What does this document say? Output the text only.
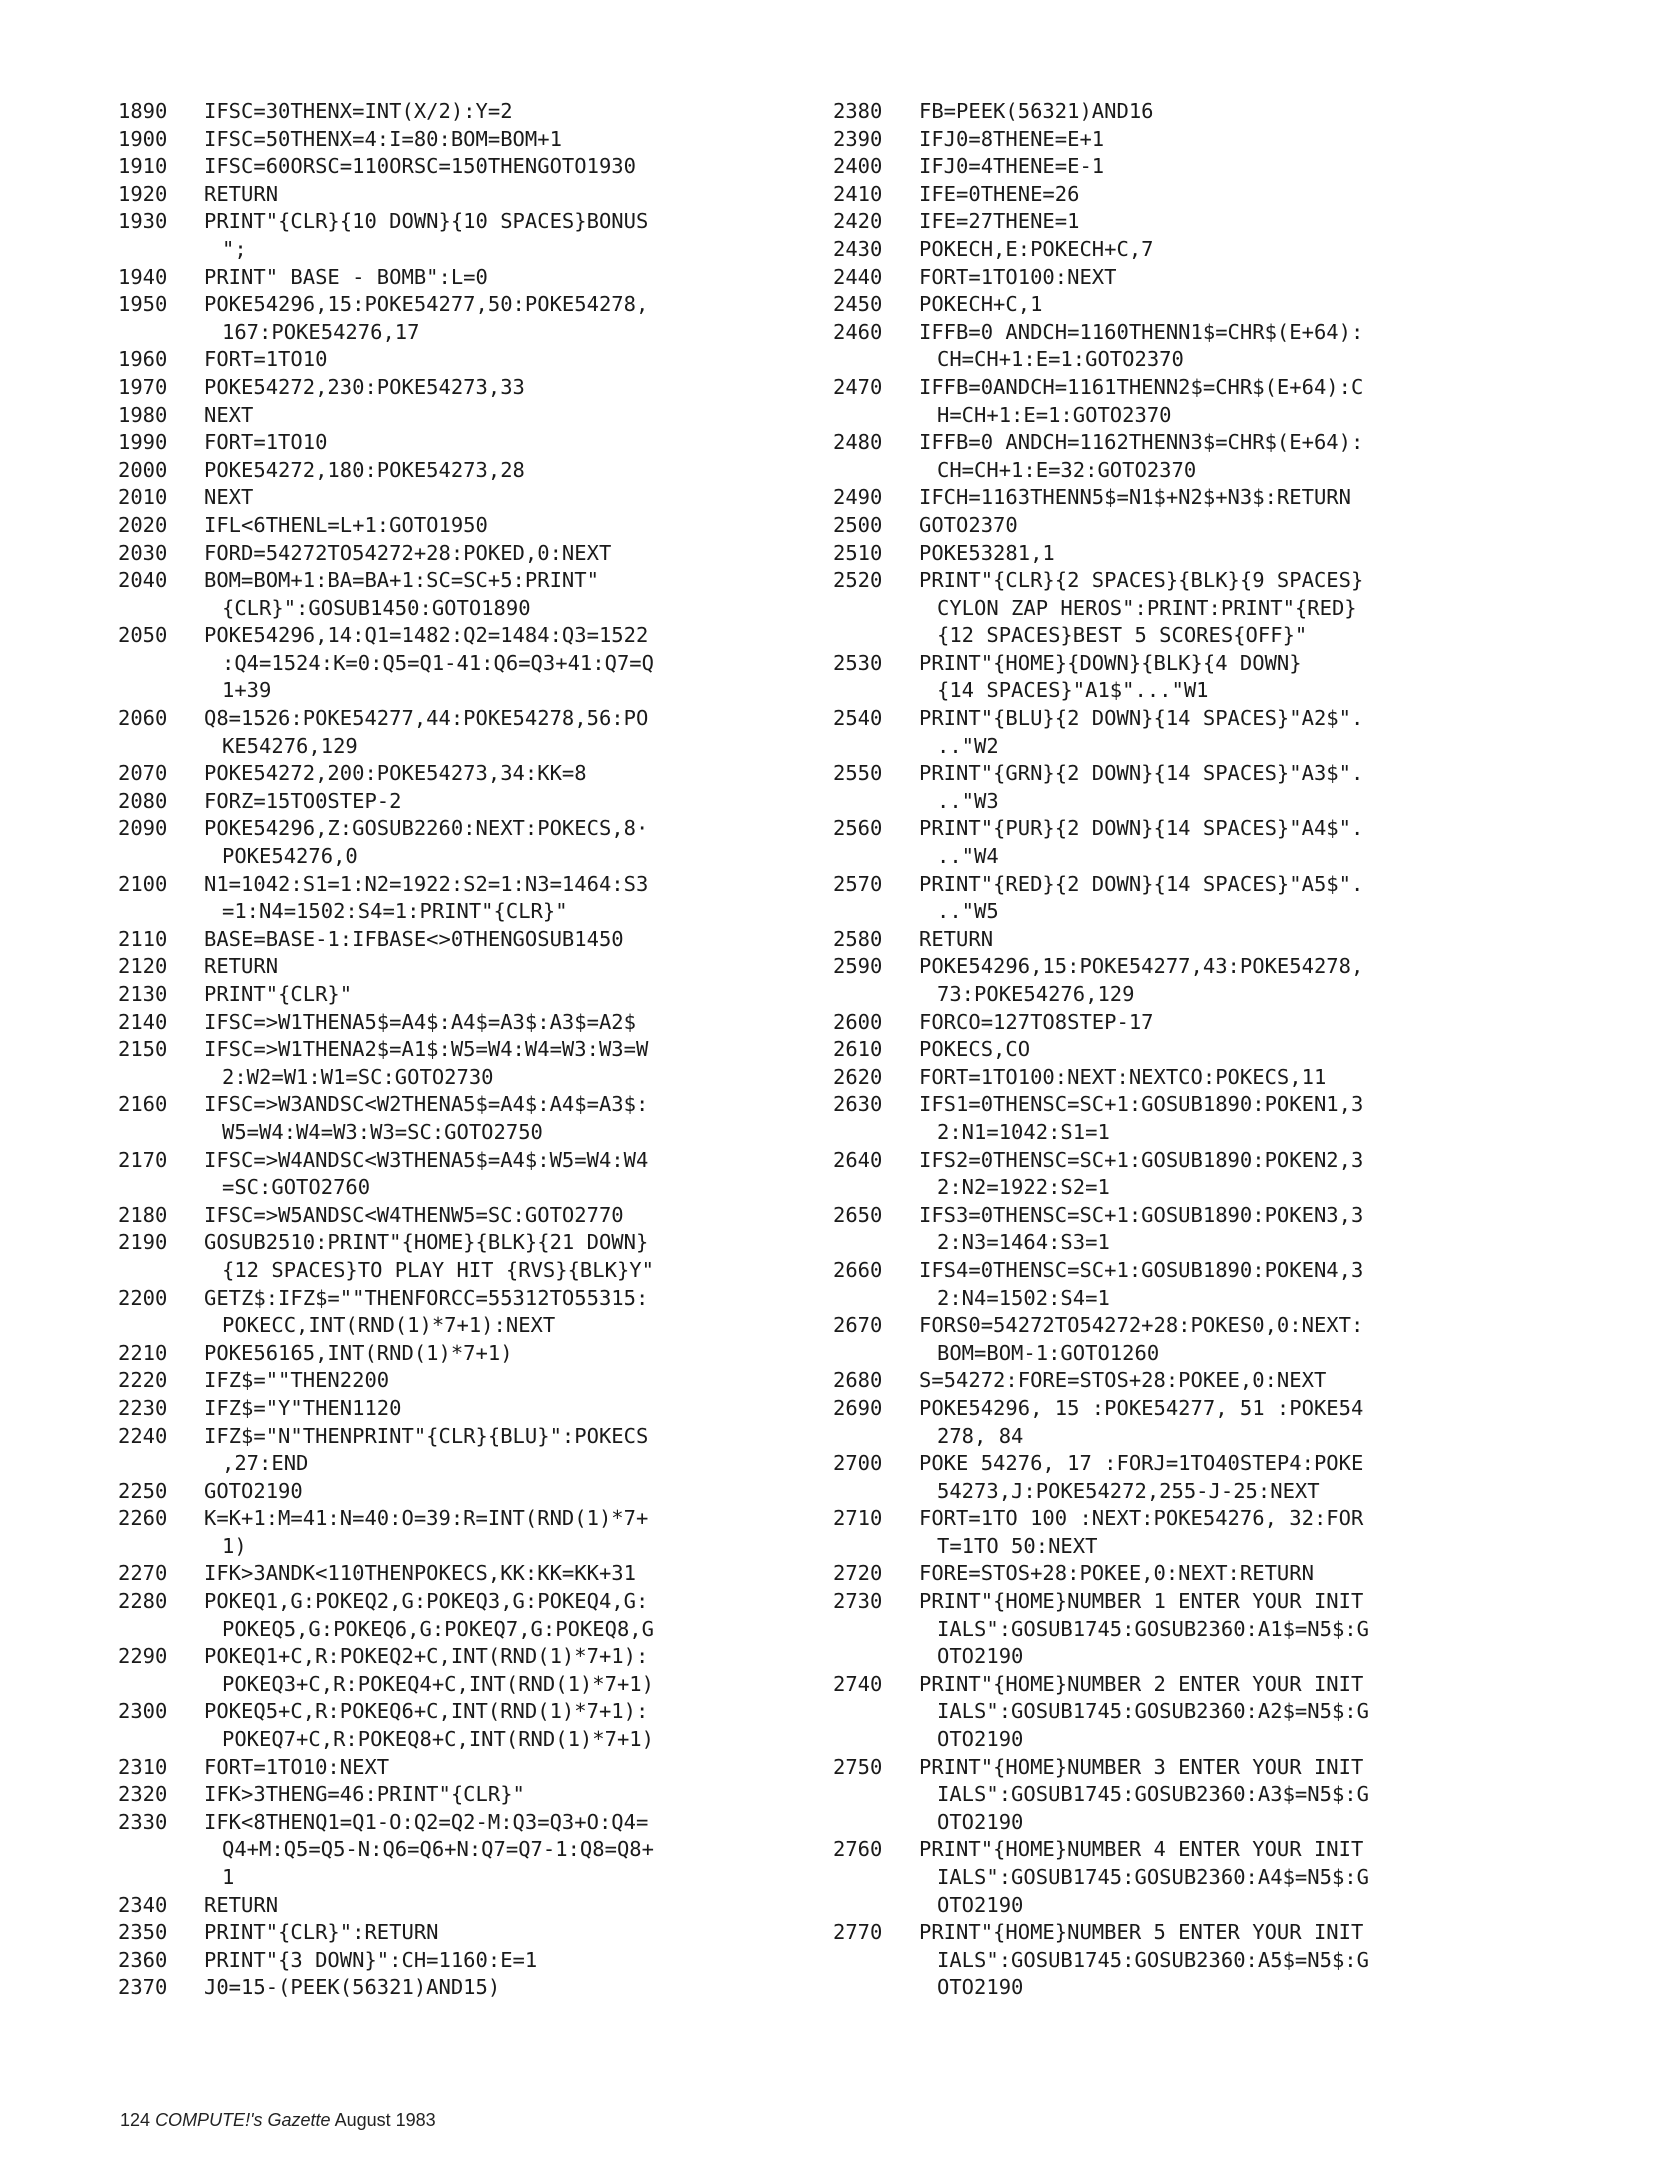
1890	IFSC=30THENX=INT(X/2):Y=2
1900	IFSC=50THENX=4:I=80:BOM=BOM+1
1910	IFSC=60ORSC=110ORSC=150THENGOTO1930
1920	RETURN
1930	PRINT"{CLR}{10 DOWN}{10 SPACES}BONUS
";
1940	PRINT" BASE - BOMB":L=0
1950	POKE54296,15:POKE54277,50:POKE54278,
167:POKE54276,17
1960	FORT=1TO10
1970	POKE54272,230:POKE54273,33
1980	NEXT
1990	FORT=1TO10
2000	POKE54272,180:POKE54273,28
2010	NEXT
2020	IFL<6THENL=L+1:GOTO1950
2030	FORD=54272TO54272+28:POKED,0:NEXT
2040	BOM=BOM+1:BA=BA+1:SC=SC+5:PRINT"
{CLR}":GOSUB1450:GOTO1890
2050	POKE54296,14:Q1=1482:Q2=1484:Q3=1522
:Q4=1524:K=0:Q5=Q1-41:Q6=Q3+41:Q7=Q
1+39
2060	Q8=1526:POKE54277,44:POKE54278,56:PO
KE54276,129
2070	POKE54272,200:POKE54273,34:KK=8
2080	FORZ=15TO0STEP-2
2090	POKE54296,Z:GOSUB2260:NEXT:POKECS,8·
POKE54276,0
2100	N1=1042:S1=1:N2=1922:S2=1:N3=1464:S3
=1:N4=1502:S4=1:PRINT"{CLR}"
2110	BASE=BASE-1:IFBASE<>0THENGOSUB1450
2120	RETURN
2130	PRINT"{CLR}"
2140	IFSC=>W1THENA5$=A4$:A4$=A3$:A3$=A2$
2150	IFSC=>W1THENA2$=A1$:W5=W4:W4=W3:W3=W
2:W2=W1:W1=SC:GOTO2730
2160	IFSC=>W3ANDSC<W2THENA5$=A4$:A4$=A3$:
W5=W4:W4=W3:W3=SC:GOTO2750
2170	IFSC=>W4ANDSC<W3THENA5$=A4$:W5=W4:W4
=SC:GOTO2760
2180	IFSC=>W5ANDSC<W4THENW5=SC:GOTO2770
2190	GOSUB2510:PRINT"{HOME}{BLK}{21 DOWN}
{12 SPACES}TO PLAY HIT {RVS}{BLK}Y"
2200	GETZ$:IFZ$=""THENFORCC=55312TO55315:
POKECC,INT(RND(1)*7+1):NEXT
2210	POKE56165,INT(RND(1)*7+1)
2220	IFZ$=""THEN2200
2230	IFZ$="Y"THEN1120
2240	IFZ$="N"THENPRINT"{CLR}{BLU}":POKECS
,27:END
2250	GOTO2190
2260	K=K+1:M=41:N=40:O=39:R=INT(RND(1)*7+
1)
2270	IFK>3ANDK<110THENPOKECS,KK:KK=KK+31
2280	POKEQ1,G:POKEQ2,G:POKEQ3,G:POKEQ4,G:
POKEQ5,G:POKEQ6,G:POKEQ7,G:POKEQ8,G
2290	POKEQ1+C,R:POKEQ2+C,INT(RND(1)*7+1):
POKEQ3+C,R:POKEQ4+C,INT(RND(1)*7+1)
2300	POKEQ5+C,R:POKEQ6+C,INT(RND(1)*7+1):
POKEQ7+C,R:POKEQ8+C,INT(RND(1)*7+1)
2310	FORT=1TO10:NEXT
2320	IFK>3THENG=46:PRINT"{CLR}"
2330	IFK<8THENQ1=Q1-O:Q2=Q2-M:Q3=Q3+O:Q4=
Q4+M:Q5=Q5-N:Q6=Q6+N:Q7=Q7-1:Q8=Q8+
1
2340	RETURN
2350	PRINT"{CLR}":RETURN
2360	PRINT"{3 DOWN}":CH=1160:E=1
2370	J0=15-(PEEK(56321)AND15)
2380	FB=PEEK(56321)AND16
2390	IFJ0=8THENE=E+1
2400	IFJ0=4THENE=E-1
2410	IFE=0THENE=26
2420	IFE=27THENE=1
2430	POKECH,E:POKECH+C,7
2440	FORT=1TO100:NEXT
2450	POKECH+C,1
2460	IFFB=0 ANDCH=1160THENN1$=CHR$(E+64):
CH=CH+1:E=1:GOTO2370
2470	IFFB=0ANDCH=1161THENN2$=CHR$(E+64):C
H=CH+1:E=1:GOTO2370
2480	IFFB=0 ANDCH=1162THENN3$=CHR$(E+64):
CH=CH+1:E=32:GOTO2370
2490	IFCH=1163THENN5$=N1$+N2$+N3$:RETURN
2500	GOTO2370
2510	POKE53281,1
2520	PRINT"{CLR}{2 SPACES}{BLK}{9 SPACES}
CYLON ZAP HEROS":PRINT:PRINT"{RED}
{12 SPACES}BEST 5 SCORES{OFF}"
2530	PRINT"{HOME}{DOWN}{BLK}{4 DOWN}
{14 SPACES}"A1$"..."W1
2540	PRINT"{BLU}{2 DOWN}{14 SPACES}"A2$".
.."W2
2550	PRINT"{GRN}{2 DOWN}{14 SPACES}"A3$".
.."W3
2560	PRINT"{PUR}{2 DOWN}{14 SPACES}"A4$".
.."W4
2570	PRINT"{RED}{2 DOWN}{14 SPACES}"A5$".
.."W5
2580	RETURN
2590	POKE54296,15:POKE54277,43:POKE54278,
73:POKE54276,129
2600	FORCO=127TO8STEP-17
2610	POKECS,CO
2620	FORT=1TO100:NEXT:NEXTCO:POKECS,11
2630	IFS1=0THENSC=SC+1:GOSUB1890:POKEN1,3
2:N1=1042:S1=1
2640	IFS2=0THENSC=SC+1:GOSUB1890:POKEN2,3
2:N2=1922:S2=1
2650	IFS3=0THENSC=SC+1:GOSUB1890:POKEN3,3
2:N3=1464:S3=1
2660	IFS4=0THENSC=SC+1:GOSUB1890:POKEN4,3
2:N4=1502:S4=1
2670	FORS0=54272TO54272+28:POKES0,0:NEXT:
BOM=BOM-1:GOTO1260
2680	S=54272:FORE=STOS+28:POKEE,0:NEXT
2690	POKE54296, 15 :POKE54277, 51 :POKE54
278, 84
2700	POKE 54276, 17 :FORJ=1TO40STEP4:POKE
54273,J:POKE54272,255-J-25:NEXT
2710	FORT=1TO 100 :NEXT:POKE54276, 32:FOR
T=1TO 50:NEXT
2720	FORE=STOS+28:POKEE,0:NEXT:RETURN
2730	PRINT"{HOME}NUMBER 1 ENTER YOUR INIT
IALS":GOSUB1745:GOSUB2360:A1$=N5$:G
OTO2190
2740	PRINT"{HOME}NUMBER 2 ENTER YOUR INIT
IALS":GOSUB1745:GOSUB2360:A2$=N5$:G
OTO2190
2750	PRINT"{HOME}NUMBER 3 ENTER YOUR INIT
IALS":GOSUB1745:GOSUB2360:A3$=N5$:G
OTO2190
2760	PRINT"{HOME}NUMBER 4 ENTER YOUR INIT
IALS":GOSUB1745:GOSUB2360:A4$=N5$:G
OTO2190
2770	PRINT"{HOME}NUMBER 5 ENTER YOUR INIT
IALS":GOSUB1745:GOSUB2360:A5$=N5$:G
OTO2190
124 COMPUTE!'s Gazette August 1983
